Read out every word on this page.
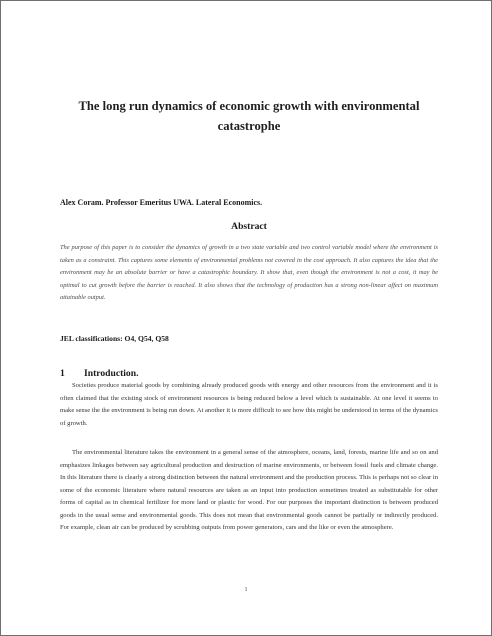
The long run dynamics of economic growth with environmental catastrophe
Alex Coram. Professor Emeritus UWA. Lateral Economics.
Abstract
The purpose of this paper is to consider the dynamics of growth in a two state variable and two control variable model where the environment is taken as a constraint. This captures some elements of environmental problems not covered in the cost approach. It also captures the idea that the environment may be an absolute barrier or have a catastrophic boundary. It show that, even though the environment is not a cost, it may be optimal to cut growth before the barrier is reached. It also shows that the technology of production has a strong non-linear affect on maximum attainable output.
JEL classifications: O4, Q54, Q58
1 Introduction.
Societies produce material goods by combining already produced goods with energy and other resources from the environment and it is often claimed that the existing stock of environment resources is being reduced below a level which is sustainable. At one level it seems to make sense the the environment is being run down. At another it is more difficult to see how this might be understood in terms of the dynamics of growth.
The environmental literature takes the environment in a general sense of the atmosphere, oceans, land, forests, marine life and so on and emphasizes linkages between say agricultural production and destruction of marine environments, or between fossil fuels and climate change. In this literature there is clearly a strong distinction between the natural environment and the production process. This is perhaps not so clear in some of the economic literature where natural resources are taken as an input into production sometimes treated as substitutable for other forms of capital as in chemical fertilizer for more land or plastic for wood. For our purposes the important distinction is between produced goods in the usual sense and environmental goods. This does not mean that environmental goods cannot be partially or indirectly produced. For example, clean air can be produced by scrubbing outputs from power generators, cars and the like or even the atmosphere.
1
